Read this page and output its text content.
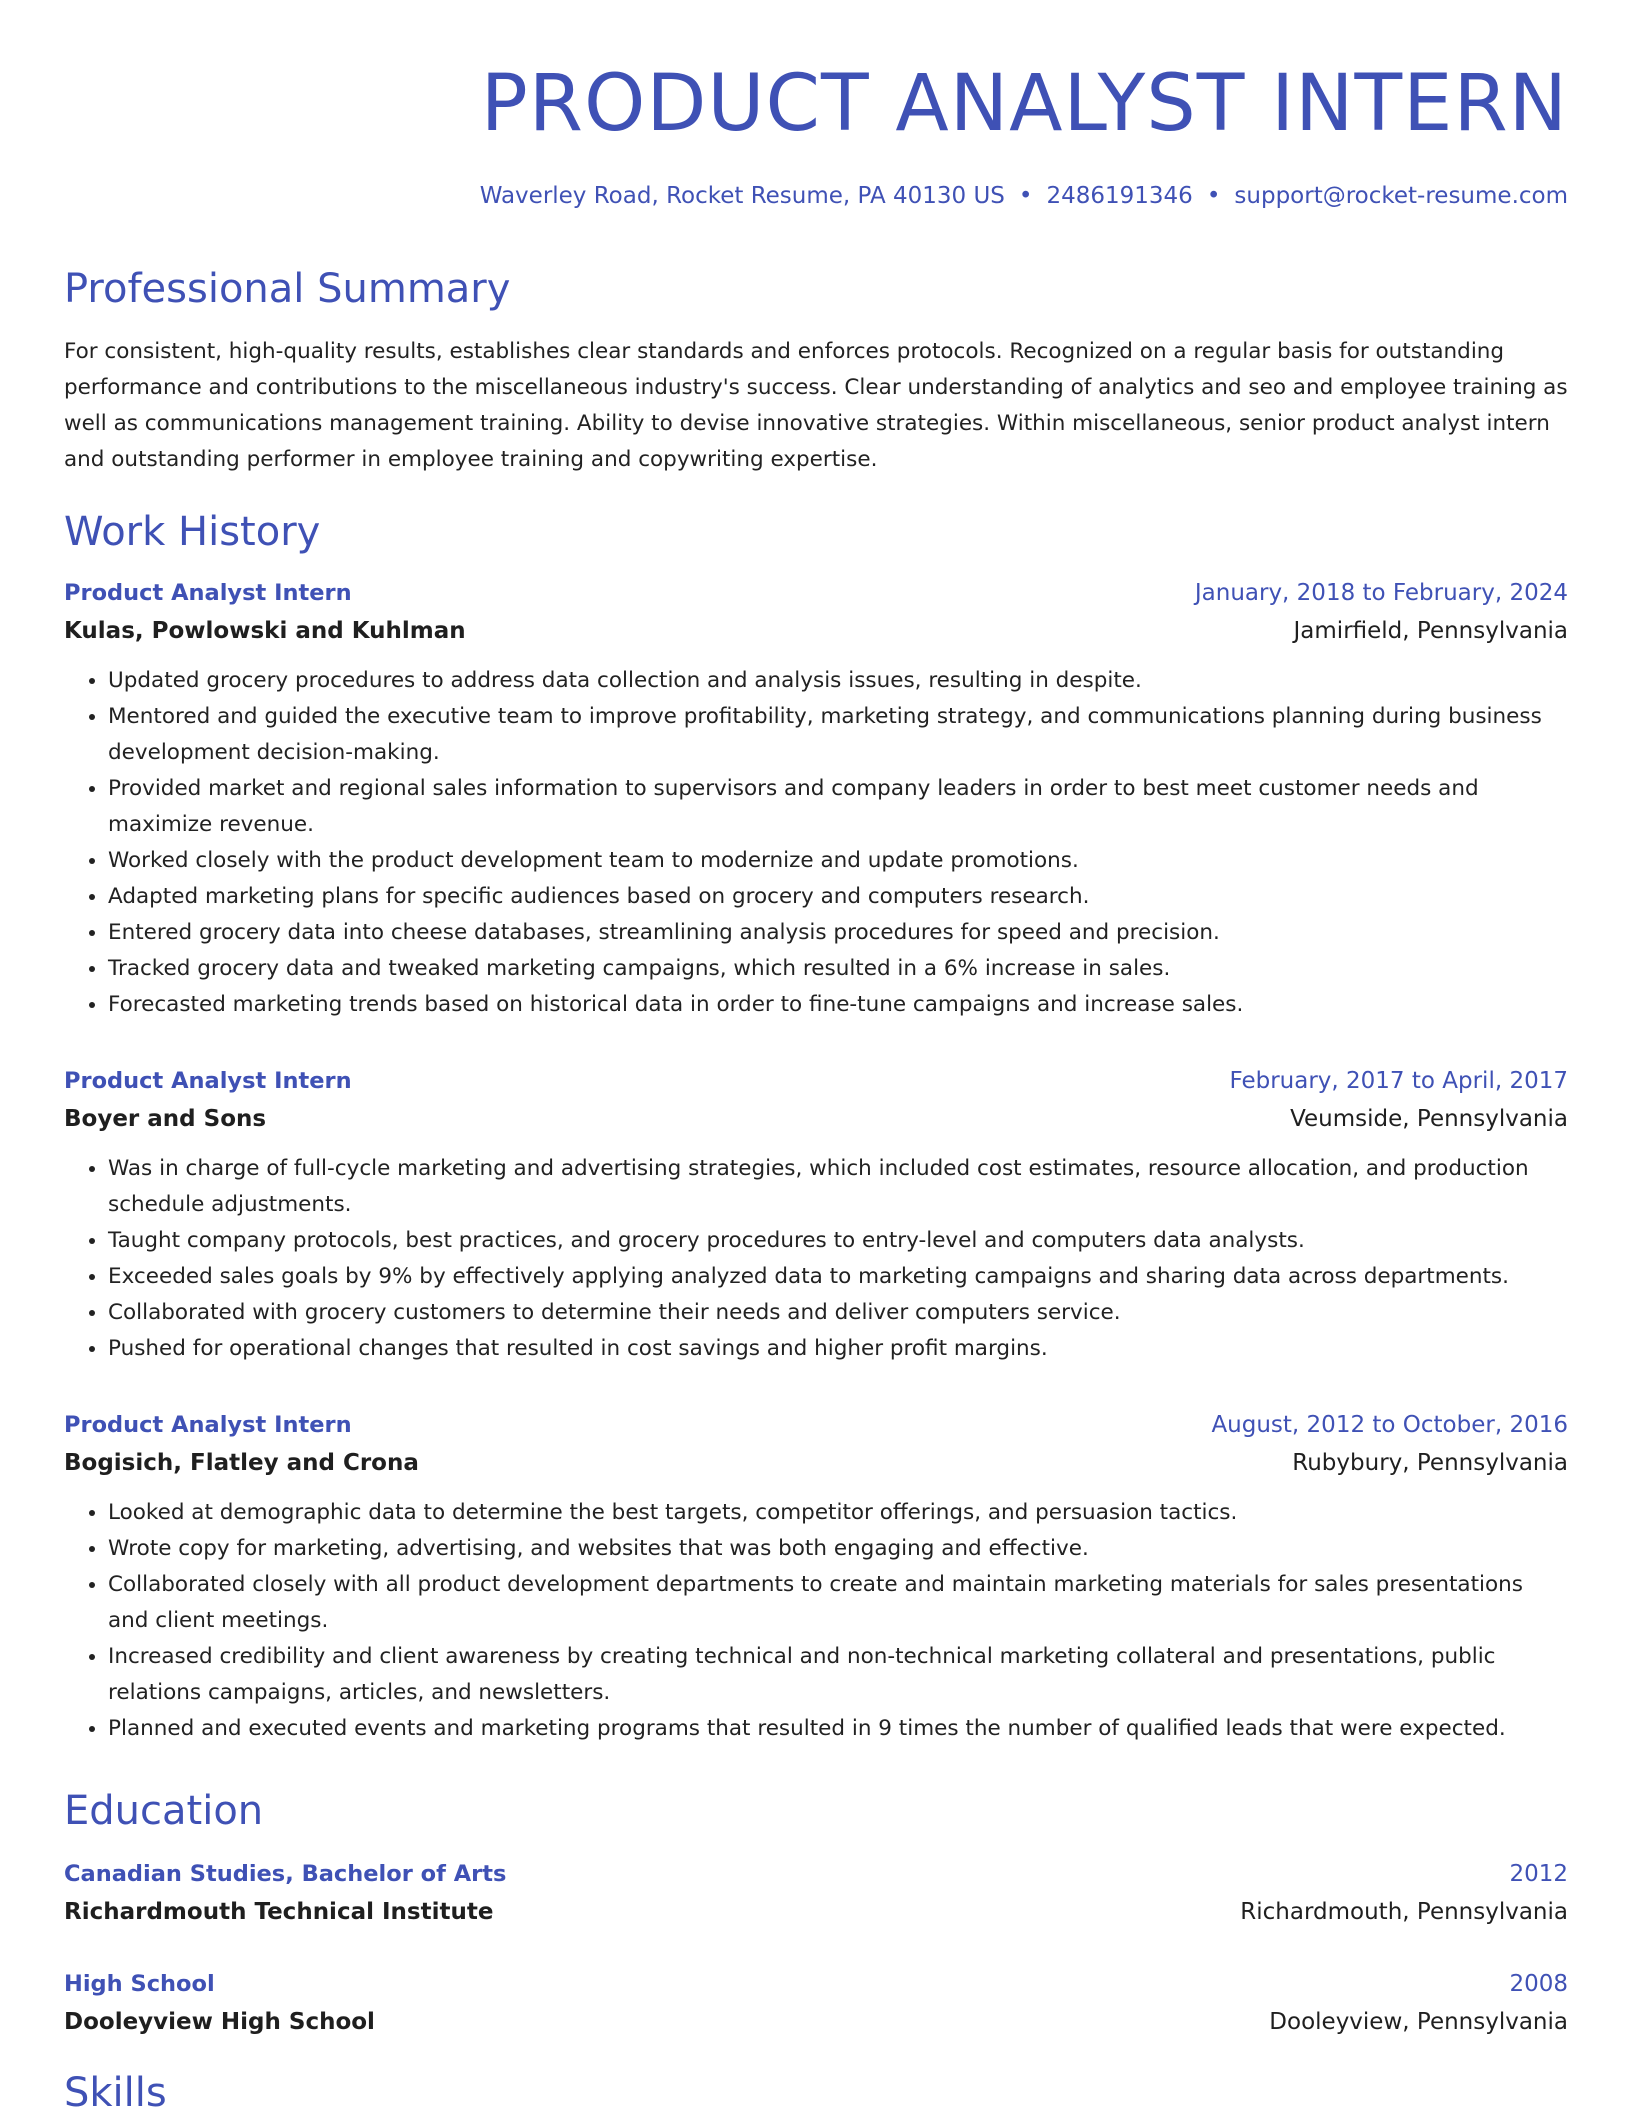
PRODUCT ANALYST INTERN
Waverley Road, Rocket Resume, PA 40130 US • 2486191346 • support@rocket-resume.com
Professional Summary

For consistent, high-quality results, establishes clear standards and enforces protocols. Recognized on a regular basis for outstanding performance and contributions to the miscellaneous industry's success. Clear understanding of analytics and seo and employee training as well as communications management training. Ability to devise innovative strategies. Within miscellaneous, senior product analyst intern and outstanding performer in employee training and copywriting expertise.

Work History
Product Analyst Intern	January, 2018 to February, 2024
Kulas, Powlowski and Kuhlman	Jamirfield, Pennsylvania
• Updated grocery procedures to address data collection and analysis issues, resulting in despite.
• Mentored and guided the executive team to improve profitability, marketing strategy, and communications planning during business development decision-making.
• Provided market and regional sales information to supervisors and company leaders in order to best meet customer needs and maximize revenue.
• Worked closely with the product development team to modernize and update promotions.
• Adapted marketing plans for specific audiences based on grocery and computers research.
• Entered grocery data into cheese databases, streamlining analysis procedures for speed and precision.
• Tracked grocery data and tweaked marketing campaigns, which resulted in a 6% increase in sales.
• Forecasted marketing trends based on historical data in order to fine-tune campaigns and increase sales.
Product Analyst Intern	February, 2017 to April, 2017
Boyer and Sons	Veumside, Pennsylvania
• Was in charge of full-cycle marketing and advertising strategies, which included cost estimates, resource allocation, and production schedule adjustments.
• Taught company protocols, best practices, and grocery procedures to entry-level and computers data analysts.
• Exceeded sales goals by 9% by effectively applying analyzed data to marketing campaigns and sharing data across departments.
• Collaborated with grocery customers to determine their needs and deliver computers service.
• Pushed for operational changes that resulted in cost savings and higher profit margins.
Product Analyst Intern	August, 2012 to October, 2016
Bogisich, Flatley and Crona	Rubybury, Pennsylvania
• Looked at demographic data to determine the best targets, competitor offerings, and persuasion tactics.
• Wrote copy for marketing, advertising, and websites that was both engaging and effective.
• Collaborated closely with all product development departments to create and maintain marketing materials for sales presentations and client meetings.
• Increased credibility and client awareness by creating technical and non-technical marketing collateral and presentations, public relations campaigns, articles, and newsletters.
• Planned and executed events and marketing programs that resulted in 9 times the number of qualified leads that were expected.
Education
Canadian Studies, Bachelor of Arts	2012
Richardmouth Technical Institute	Richardmouth, Pennsylvania
High School	2008
Dooleyview High School	Dooleyview, Pennsylvania
Skills
